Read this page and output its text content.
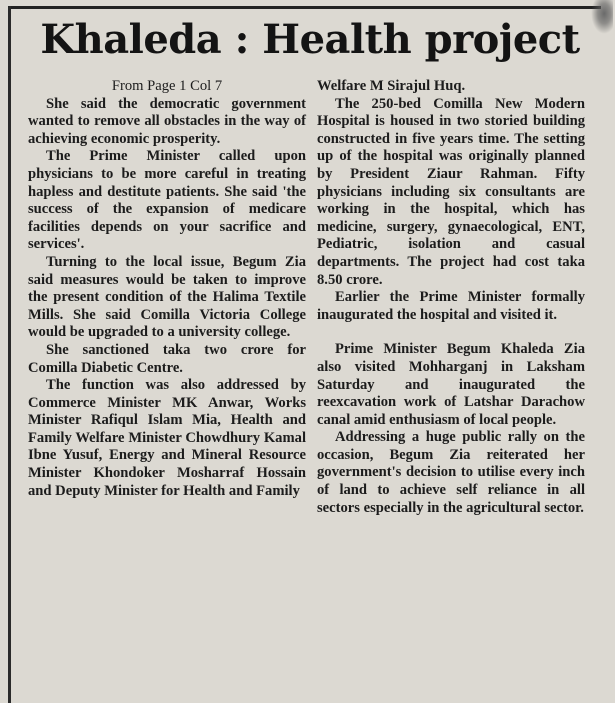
Khaleda : Health project

From Page 1 Col 7

She said the democratic government wanted to remove all obstacles in the way of achieving economic prosperity.

The Prime Minister called upon physicians to be more careful in treating hapless and destitute patients. She said 'the success of the expansion of medicare facilities depends on your sacrifice and services'.

Turning to the local issue, Begum Zia said measures would be taken to improve the present condition of the Halima Textile Mills. She said Comilla Victoria College would be upgraded to a university college.

She sanctioned taka two crore for Comilla Diabetic Centre.

The function was also addressed by Commerce Minister MK Anwar, Works Minister Rafiqul Islam Mia, Health and Family Welfare Minister Chowdhury Kamal Ibne Yusuf, Energy and Mineral Resource Minister Khondoker Mosharraf Hossain and Deputy Minister for Health and Family

Welfare M Sirajul Huq.

The 250-bed Comilla New Modern Hospital is housed in two storied building constructed in five years time. The setting up of the hospital was originally planned by President Ziaur Rahman. Fifty physicians including six consultants are working in the hospital, which has medicine, surgery, gynaecological, ENT, Pediatric, isolation and casual departments. The project had cost taka 8.50 crore.

Earlier the Prime Minister formally inaugurated the hospital and visited it.

Prime Minister Begum Khaleda Zia also visited Mohharganj in Laksham Saturday and inaugurated the reexcavation work of Latshar Darachow canal amid enthusiasm of local people.

Addressing a huge public rally on the occasion, Begum Zia reiterated her government's decision to utilise every inch of land to achieve self reliance in all sectors especially in the agricultural sector.
